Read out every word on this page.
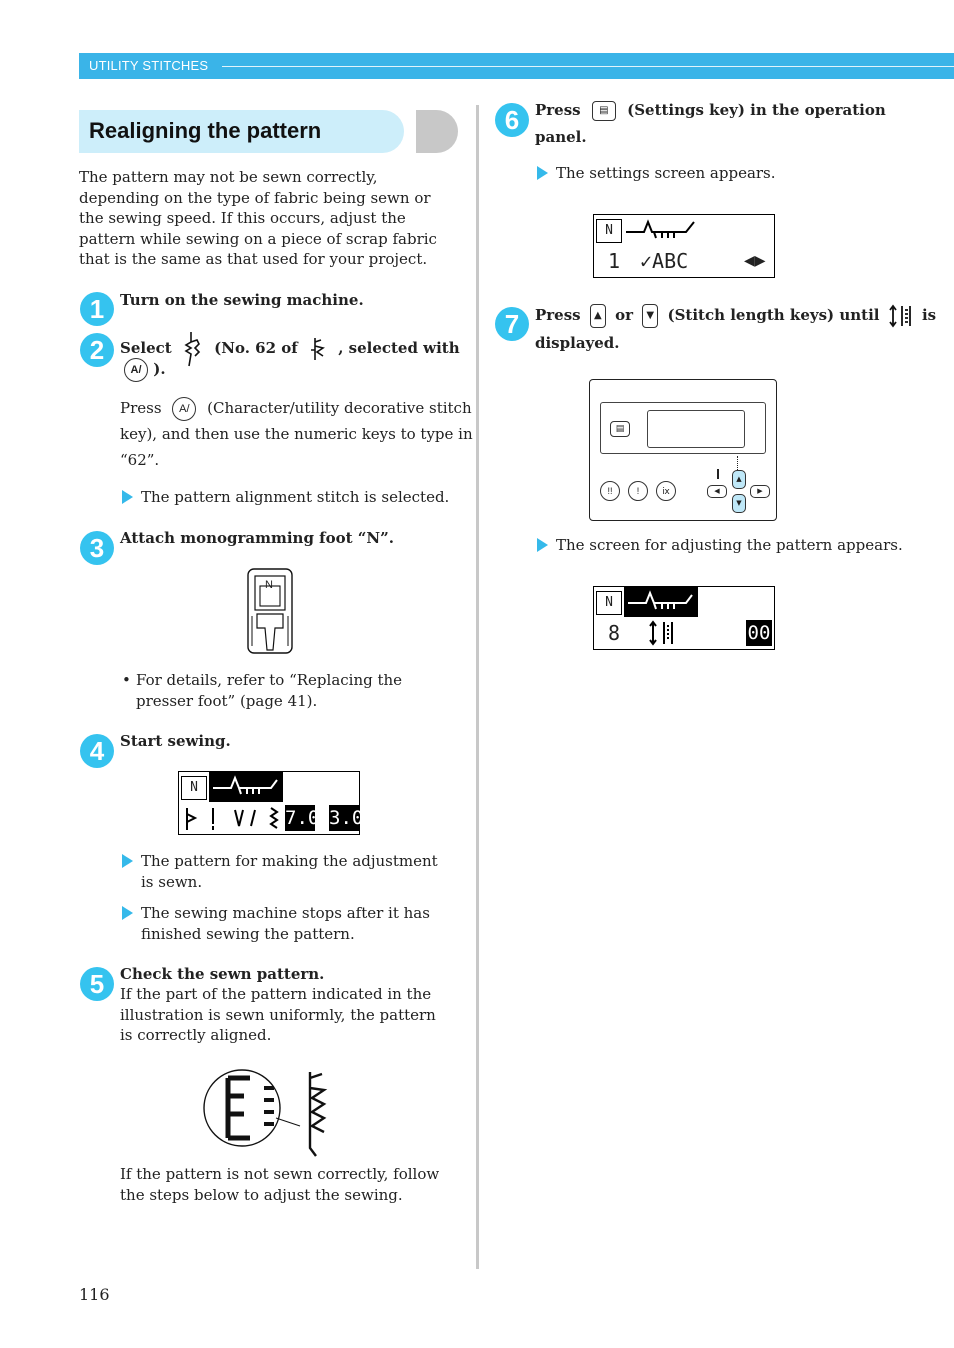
UTILITY STITCHES
Realigning the pattern
The pattern may not be sewn correctly, depending on the type of fabric being sewn or the sewing speed. If this occurs, adjust the pattern while sewing on a piece of scrap fabric that is the same as that used for your project.
1	Turn on the sewing machine.
2	Select	(No. 62 of	, selected with
A/ ).
Press A/ (Character/utility decorative stitch
key), and then use the numeric keys to type in
“62”.
The pattern alignment stitch is selected.
3	Attach monogramming foot “N”.
N
• For details, refer to “Replacing the presser foot” (page 41).
4	Start sewing.
N
7.0 3.0
The pattern for making the adjustment is sewn.
The sewing machine stops after it has finished sewing the pattern.
5	Check the sewn pattern.
If the part of the pattern indicated in the illustration is sewn uniformly, the pattern is correctly aligned.
If the pattern is not sewn correctly, follow the steps below to adjust the sewing.
6	Press ▤ (Settings key) in the operation
panel.
The settings screen appears.
N
1 ✓ABC	◀▶
7	Press ▲ or ▼ (Stitch length keys) until	is
displayed.
▤
!!	!	ⅸ	◀
▲
▼
▶
The screen for adjusting the pattern appears.
N
8	00
116
